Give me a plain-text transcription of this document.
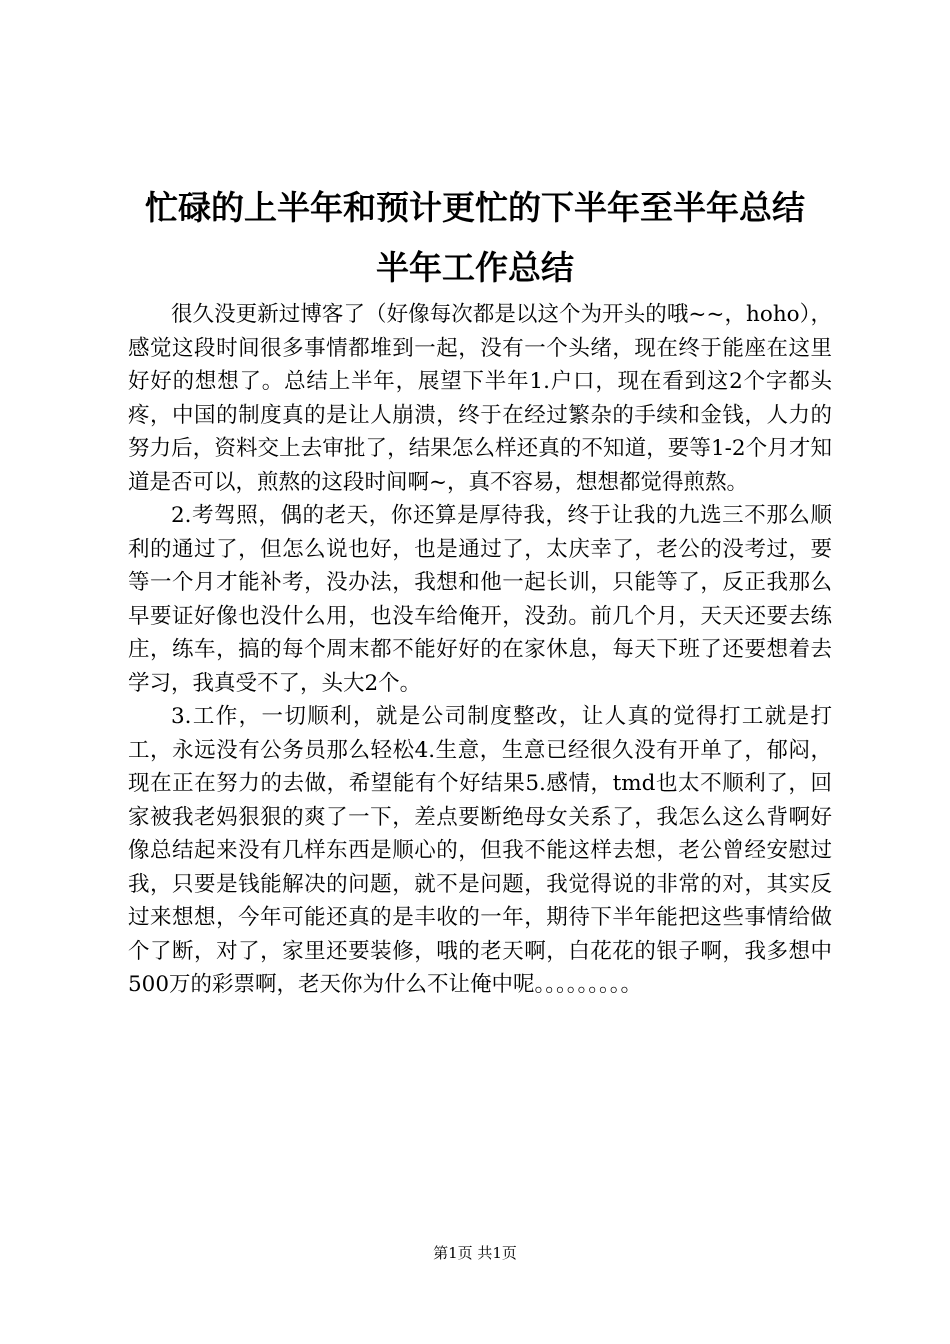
忙碌的上半年和预计更忙的下半年至半年总结
半年工作总结

很久没更新过博客了（好像每次都是以这个为开头的哦~~，hoho），感觉这段时间很多事情都堆到一起，没有一个头绪，现在终于能座在这里好好的想想了。总结上半年，展望下半年1.户口，现在看到这2个字都头疼，中国的制度真的是让人崩溃，终于在经过繁杂的手续和金钱，人力的努力后，资料交上去审批了，结果怎么样还真的不知道，要等1-2个月才知道是否可以，煎熬的这段时间啊~，真不容易，想想都觉得煎熬。

2.考驾照，偶的老天，你还算是厚待我，终于让我的九选三不那么顺利的通过了，但怎么说也好，也是通过了，太庆幸了，老公的没考过，要等一个月才能补考，没办法，我想和他一起长训，只能等了，反正我那么早要证好像也没什么用，也没车给俺开，没劲。前几个月，天天还要去练庄，练车，搞的每个周末都不能好好的在家休息，每天下班了还要想着去学习，我真受不了，头大2个。

3.工作，一切顺利，就是公司制度整改，让人真的觉得打工就是打工，永远没有公务员那么轻松4.生意，生意已经很久没有开单了，郁闷，现在正在努力的去做，希望能有个好结果5.感情，tmd也太不顺利了，回家被我老妈狠狠的爽了一下，差点要断绝母女关系了，我怎么这么背啊好像总结起来没有几样东西是顺心的，但我不能这样去想，老公曾经安慰过我，只要是钱能解决的问题，就不是问题，我觉得说的非常的对，其实反过来想想，今年可能还真的是丰收的一年，期待下半年能把这些事情给做个了断，对了，家里还要装修，哦的老天啊，白花花的银子啊，我多想中500万的彩票啊，老天你为什么不让俺中呢。。。。。。。。。

第1页 共1页
